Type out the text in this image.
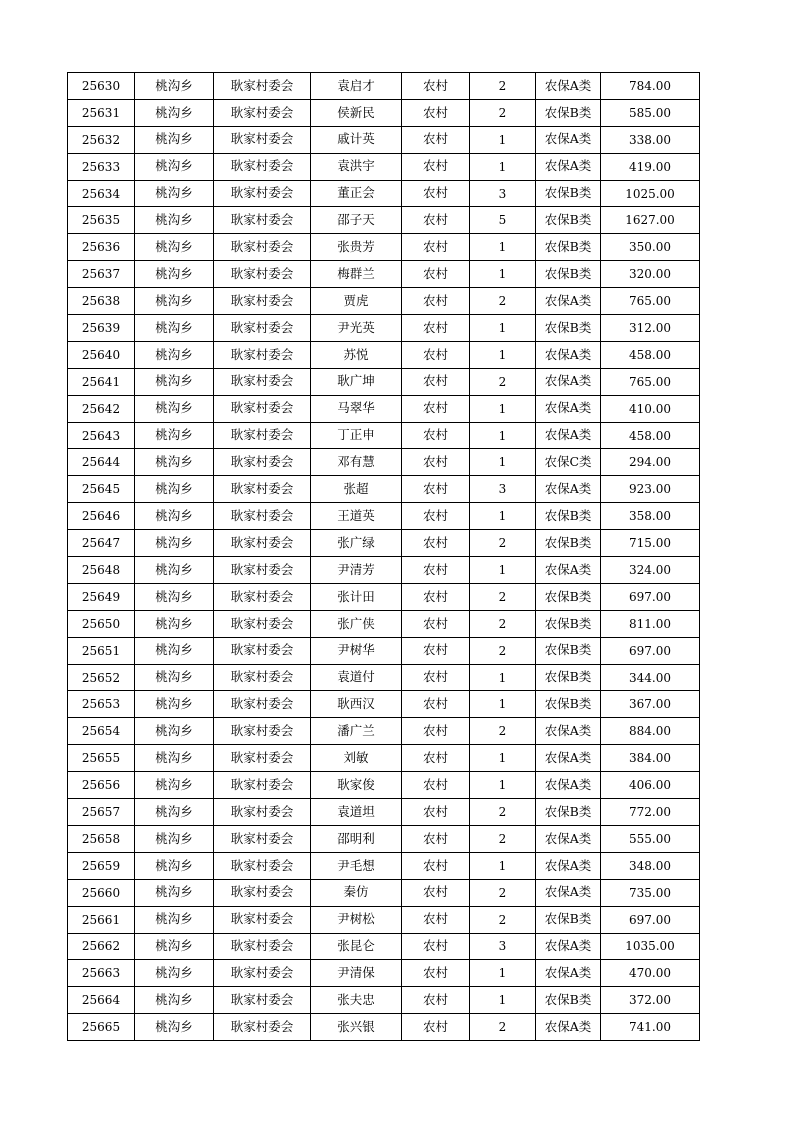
25630	桃沟乡	耿家村委会	袁启才	农村	2	农保A类	784.00
25631	桃沟乡	耿家村委会	侯新民	农村	2	农保B类	585.00
25632	桃沟乡	耿家村委会	戚计英	农村	1	农保A类	338.00
25633	桃沟乡	耿家村委会	袁洪宇	农村	1	农保A类	419.00
25634	桃沟乡	耿家村委会	董正会	农村	3	农保B类	1025.00
25635	桃沟乡	耿家村委会	邵子天	农村	5	农保B类	1627.00
25636	桃沟乡	耿家村委会	张贵芳	农村	1	农保B类	350.00
25637	桃沟乡	耿家村委会	梅群兰	农村	1	农保B类	320.00
25638	桃沟乡	耿家村委会	贾虎	农村	2	农保A类	765.00
25639	桃沟乡	耿家村委会	尹光英	农村	1	农保B类	312.00
25640	桃沟乡	耿家村委会	苏悦	农村	1	农保A类	458.00
25641	桃沟乡	耿家村委会	耿广坤	农村	2	农保A类	765.00
25642	桃沟乡	耿家村委会	马翠华	农村	1	农保A类	410.00
25643	桃沟乡	耿家村委会	丁正申	农村	1	农保A类	458.00
25644	桃沟乡	耿家村委会	邓有慧	农村	1	农保C类	294.00
25645	桃沟乡	耿家村委会	张超	农村	3	农保A类	923.00
25646	桃沟乡	耿家村委会	王道英	农村	1	农保B类	358.00
25647	桃沟乡	耿家村委会	张广绿	农村	2	农保B类	715.00
25648	桃沟乡	耿家村委会	尹清芳	农村	1	农保A类	324.00
25649	桃沟乡	耿家村委会	张计田	农村	2	农保B类	697.00
25650	桃沟乡	耿家村委会	张广侠	农村	2	农保B类	811.00
25651	桃沟乡	耿家村委会	尹树华	农村	2	农保B类	697.00
25652	桃沟乡	耿家村委会	袁道付	农村	1	农保B类	344.00
25653	桃沟乡	耿家村委会	耿西汉	农村	1	农保B类	367.00
25654	桃沟乡	耿家村委会	潘广兰	农村	2	农保A类	884.00
25655	桃沟乡	耿家村委会	刘敏	农村	1	农保A类	384.00
25656	桃沟乡	耿家村委会	耿家俊	农村	1	农保A类	406.00
25657	桃沟乡	耿家村委会	袁道坦	农村	2	农保B类	772.00
25658	桃沟乡	耿家村委会	邵明利	农村	2	农保A类	555.00
25659	桃沟乡	耿家村委会	尹毛想	农村	1	农保A类	348.00
25660	桃沟乡	耿家村委会	秦仿	农村	2	农保A类	735.00
25661	桃沟乡	耿家村委会	尹树松	农村	2	农保B类	697.00
25662	桃沟乡	耿家村委会	张昆仑	农村	3	农保A类	1035.00
25663	桃沟乡	耿家村委会	尹清保	农村	1	农保A类	470.00
25664	桃沟乡	耿家村委会	张夫忠	农村	1	农保B类	372.00
25665	桃沟乡	耿家村委会	张兴银	农村	2	农保A类	741.00
